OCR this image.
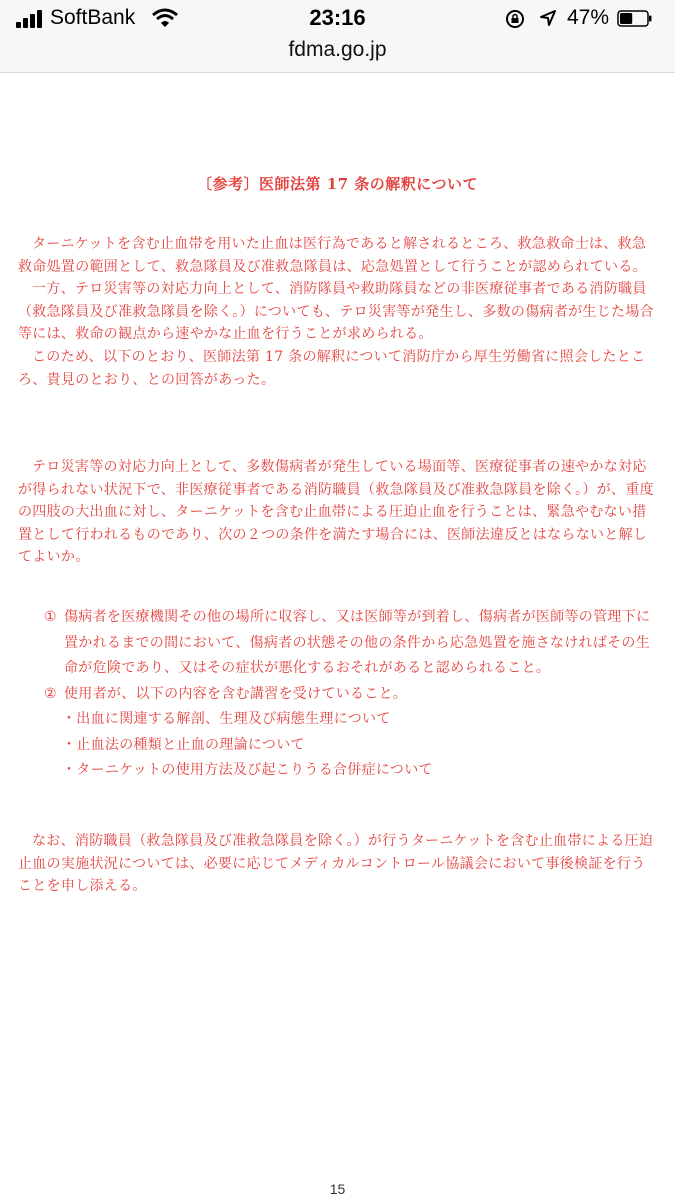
SoftBank	23:16	47%
fdma.go.jp
〔参考〕医師法第 17 条の解釈について

ターニケットを含む止血帯を用いた止血は医行為であると解されるところ、救急救命士は、救急救命処置の範囲として、救急隊員及び准救急隊員は、応急処置として行うことが認められている。

一方、テロ災害等の対応力向上として、消防隊員や救助隊員などの非医療従事者である消防職員（救急隊員及び准救急隊員を除く。）についても、テロ災害等が発生し、多数の傷病者が生じた場合等には、救命の観点から速やかな止血を行うことが求められる。

このため、以下のとおり、医師法第 17 条の解釈について消防庁から厚生労働省に照会したところ、貴見のとおり、との回答があった。

テロ災害等の対応力向上として、多数傷病者が発生している場面等、医療従事者の速やかな対応が得られない状況下で、非医療従事者である消防職員（救急隊員及び准救急隊員を除く。）が、重度の四肢の大出血に対し、ターニケットを含む止血帯による圧迫止血を行うことは、緊急やむない措置として行われるものであり、次の２つの条件を満たす場合には、医師法違反とはならないと解してよいか。

① 傷病者を医療機関その他の場所に収容し、又は医師等が到着し、傷病者が医師等の管理下に置かれるまでの間において、傷病者の状態その他の条件から応急処置を施さなければその生命が危険であり、又はその症状が悪化するおそれがあると認められること。
② 使用者が、以下の内容を含む講習を受けていること。

・出血に関連する解剖、生理及び病態生理について

・止血法の種類と止血の理論について

・ターニケットの使用方法及び起こりうる合併症について

なお、消防職員（救急隊員及び准救急隊員を除く。）が行うターニケットを含む止血帯による圧迫止血の実施状況については、必要に応じてメディカルコントロール協議会において事後検証を行うことを申し添える。

15
